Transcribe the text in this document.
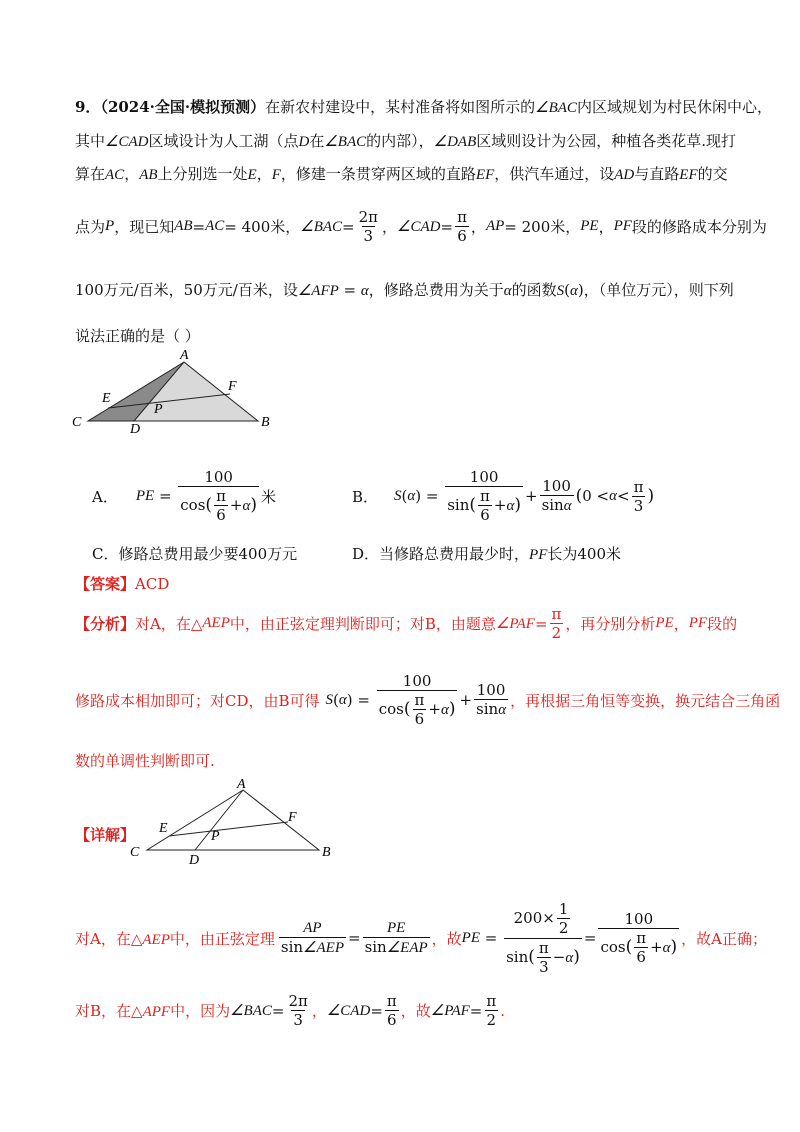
9．（2024·全国·模拟预测）在新农村建设中，某村准备将如图所示的∠BAC内区域规划为村民休闲中心，
其中∠CAD区域设计为人工湖（点D在∠BAC的内部），∠DAB区域则设计为公园，种植各类花草.现打
算在AC，AB上分别选一处E，F，修建一条贯穿两区域的直路EF，供汽车通过，设AD与直路EF的交
点为 P ，现已知 AB = AC = 400米， ∠BAC = $\frac{2\pi}{3}$ ， ∠CAD = $\frac{\pi}{6}$ ， AP = 200米， PE ， PF 段的修路成本分别为
100万元/百米，50万元/百米，设∠AFP = α，修路总费用为关于α的函数S(α)，（单位万元），则下列
说法正确的是（ ）
A
B
C	D
E
F
P
A． PE = $\frac{100}{\cos( \frac{\pi}{6} +\alpha)}$ 米	B． S ( α ) = $\frac{100}{\sin( \frac{\pi}{6} +\alpha)} + \frac{100}{\sin\alpha}$ ( $0 < \alpha < \frac{\pi}{3}$ )
C．修路总费用最少要400万元	D．当修路总费用最少时，PF长为400米
【答案】ACD
【分析】 对A，在△ AEP 中，由正弦定理判断即可；对B，由题意 ∠PAF = $\frac{\pi}{2}$ ，再分别分析 PE ， PF 段的
修路成本相加即可；对CD，由B可得 S ( α ) = $\frac{100}{\cos( \frac{\pi}{6} +\alpha)} + \frac{100}{\sin\alpha}$ ，再根据三角恒等变换，换元结合三角函
数的单调性判断即可.
【详解】
A
B
C
D
E
F
P
对A，在△AEP中，由正弦定理 $\frac{AP}{\text{sin∠AEP}} = \frac{PE}{\text{sin∠EAP}}$ ，故 PE = $\frac{200\times \frac{1}{2}}{\sin( \frac{\pi}{3} -\alpha)} = \frac{100}{\cos( \frac{\pi}{6} +\alpha)}$ ，故A正确；
对B，在△APF中，因为 ∠BAC = $\frac{2\pi}{3}$ ， ∠CAD = $\frac{\pi}{6}$ ，故 ∠PAF = $\frac{\pi}{2}$ .
